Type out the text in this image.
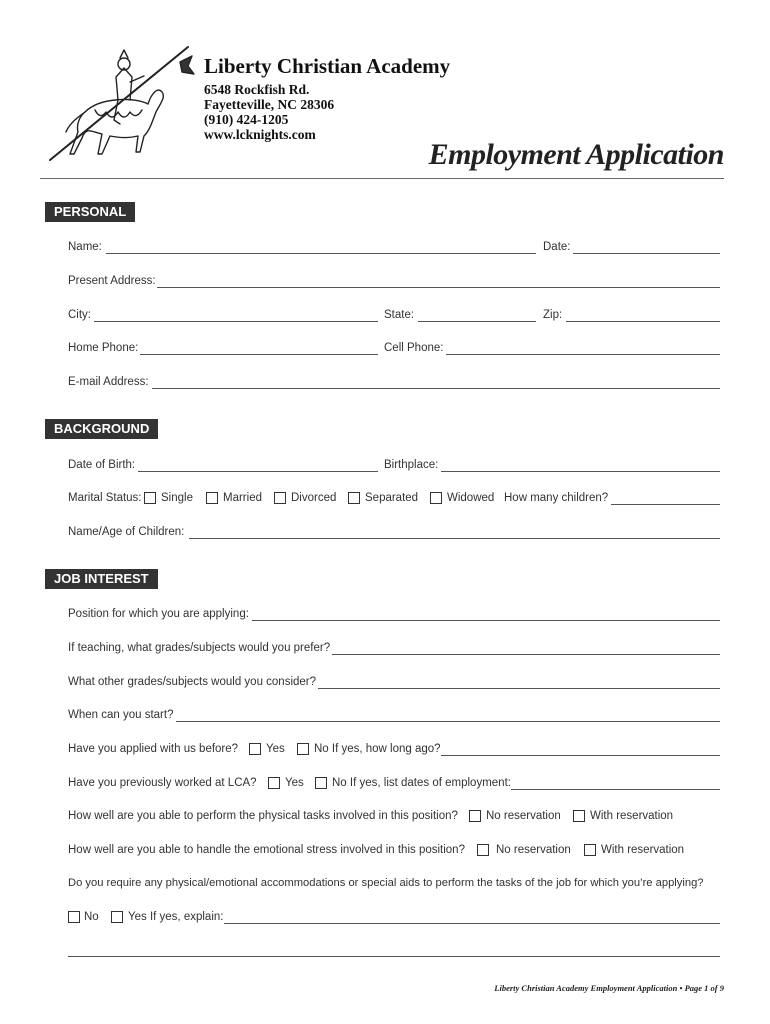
Liberty Christian Academy
6548 Rockfish Rd.
Fayetteville, NC 28306
(910) 424-1205
www.lcknights.com
Employment Application
PERSONAL
Name:	Date:
Present Address:
City:	State:	Zip:
Home Phone:	Cell Phone:
E-mail Address:
BACKGROUND
Date of Birth:	Birthplace:
Marital Status: Single	Married	Divorced Separated	Widowed How many children?
Name/Age of Children:
JOB INTEREST
Position for which you are applying:
If teaching, what grades/subjects would you prefer?
What other grades/subjects would you consider?
When can you start?
Have you applied with us before? Yes	No If yes, how long ago?
Have you previously worked at LCA? Yes No If yes, list dates of employment:
How well are you able to perform the physical tasks involved in this position? No reservation	With reservation
How well are you able to handle the emotional stress involved in this position?	No reservation	With reservation
Do you require any physical/emotional accommodations or special aids to perform the tasks of the job for which you’re applying?
No	Yes If yes, explain:
Liberty Christian Academy Employment Application • Page 1 of 9
